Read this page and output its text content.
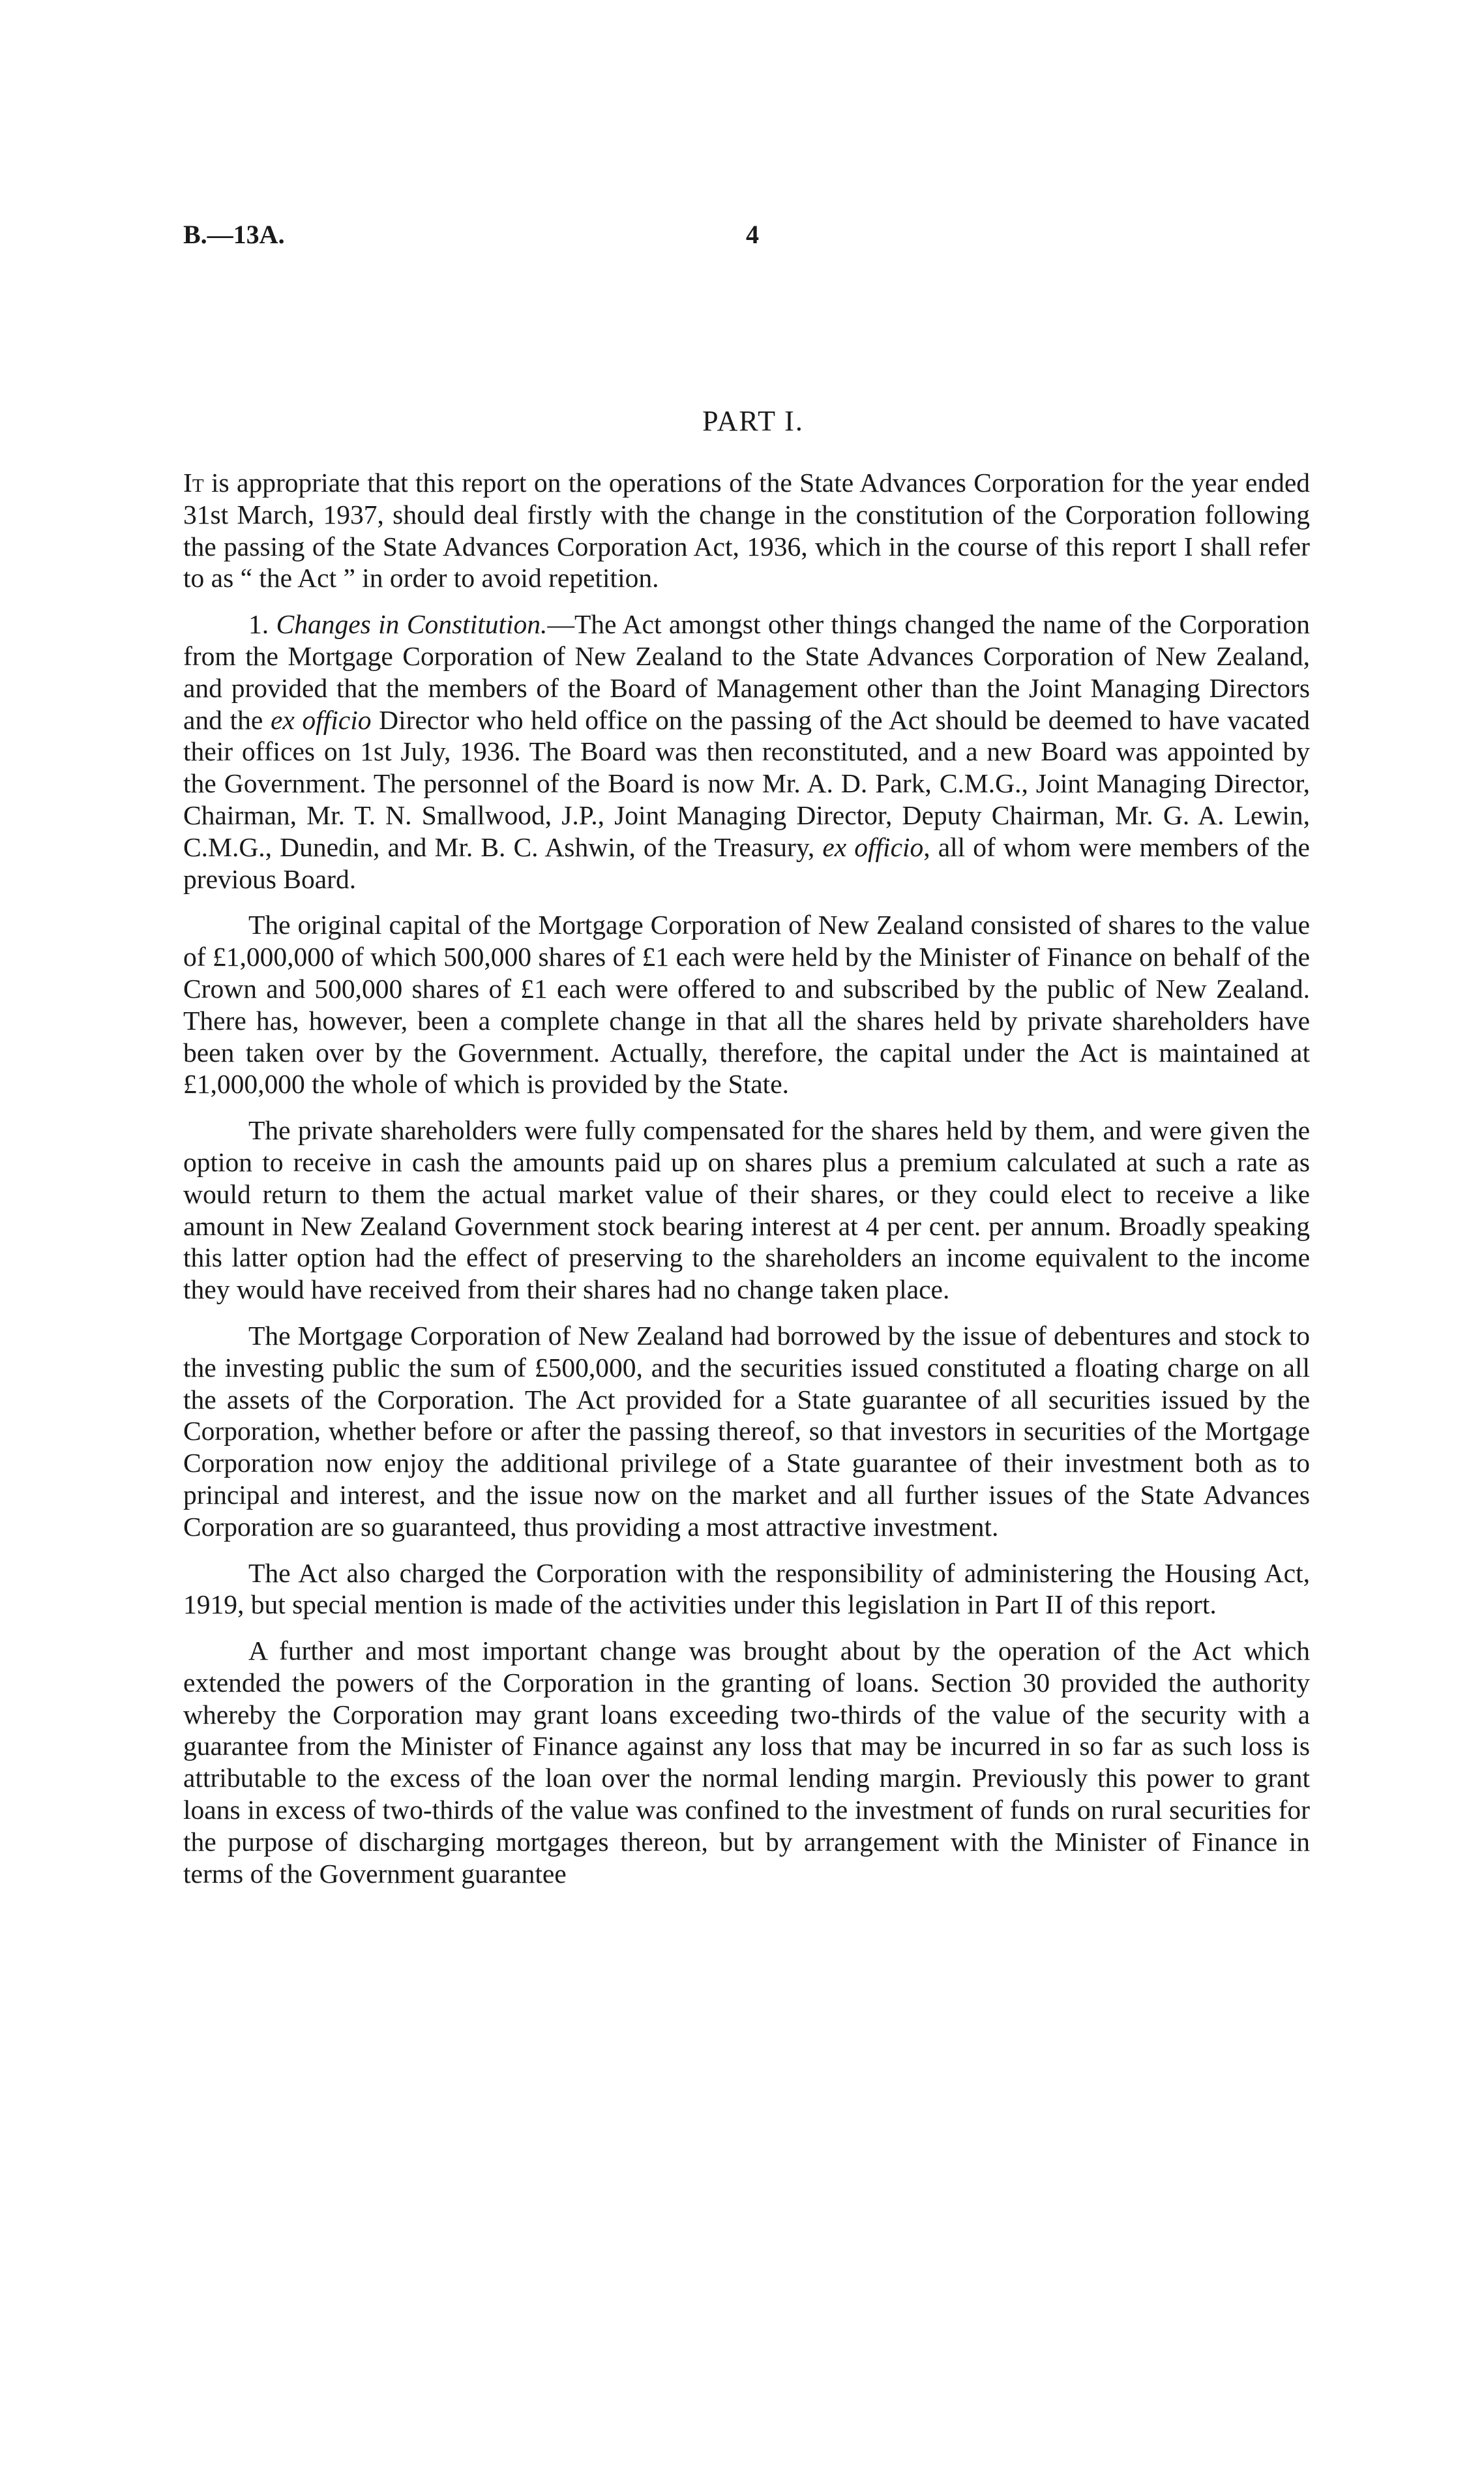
B.—13A.	4
PART I.

It is appropriate that this report on the operations of the State Advances Corporation for the year ended 31st March, 1937, should deal firstly with the change in the constitution of the Corporation following the passing of the State Advances Corporation Act, 1936, which in the course of this report I shall refer to as “ the Act ” in order to avoid repetition.

1. Changes in Constitution.—The Act amongst other things changed the name of the Corporation from the Mortgage Corporation of New Zealand to the State Advances Corporation of New Zealand, and provided that the members of the Board of Management other than the Joint Managing Directors and the ex officio Director who held office on the passing of the Act should be deemed to have vacated their offices on 1st July, 1936. The Board was then reconstituted, and a new Board was appointed by the Government. The personnel of the Board is now Mr. A. D. Park, C.M.G., Joint Managing Director, Chairman, Mr. T. N. Smallwood, J.P., Joint Managing Director, Deputy Chairman, Mr. G. A. Lewin, C.M.G., Dunedin, and Mr. B. C. Ashwin, of the Treasury, ex officio, all of whom were members of the previous Board.

The original capital of the Mortgage Corporation of New Zealand consisted of shares to the value of £1,000,000 of which 500,000 shares of £1 each were held by the Minister of Finance on behalf of the Crown and 500,000 shares of £1 each were offered to and subscribed by the public of New Zealand. There has, however, been a complete change in that all the shares held by private shareholders have been taken over by the Government. Actually, therefore, the capital under the Act is maintained at £1,000,000 the whole of which is provided by the State.

The private shareholders were fully compensated for the shares held by them, and were given the option to receive in cash the amounts paid up on shares plus a premium calculated at such a rate as would return to them the actual market value of their shares, or they could elect to receive a like amount in New Zealand Government stock bearing interest at 4 per cent. per annum. Broadly speaking this latter option had the effect of preserving to the shareholders an income equivalent to the income they would have received from their shares had no change taken place.

The Mortgage Corporation of New Zealand had borrowed by the issue of debentures and stock to the investing public the sum of £500,000, and the securities issued constituted a floating charge on all the assets of the Corporation. The Act provided for a State guarantee of all securities issued by the Corporation, whether before or after the passing thereof, so that investors in securities of the Mortgage Corporation now enjoy the additional privilege of a State guarantee of their investment both as to principal and interest, and the issue now on the market and all further issues of the State Advances Corporation are so guaranteed, thus providing a most attractive investment.

The Act also charged the Corporation with the responsibility of administering the Housing Act, 1919, but special mention is made of the activities under this legislation in Part II of this report.

A further and most important change was brought about by the operation of the Act which extended the powers of the Corporation in the granting of loans. Section 30 provided the authority whereby the Corporation may grant loans exceeding two-thirds of the value of the security with a guarantee from the Minister of Finance against any loss that may be incurred in so far as such loss is attributable to the excess of the loan over the normal lending margin. Previously this power to grant loans in excess of two-thirds of the value was confined to the investment of funds on rural securities for the purpose of discharging mortgages thereon, but by arrangement with the Minister of Finance in terms of the Government guarantee
